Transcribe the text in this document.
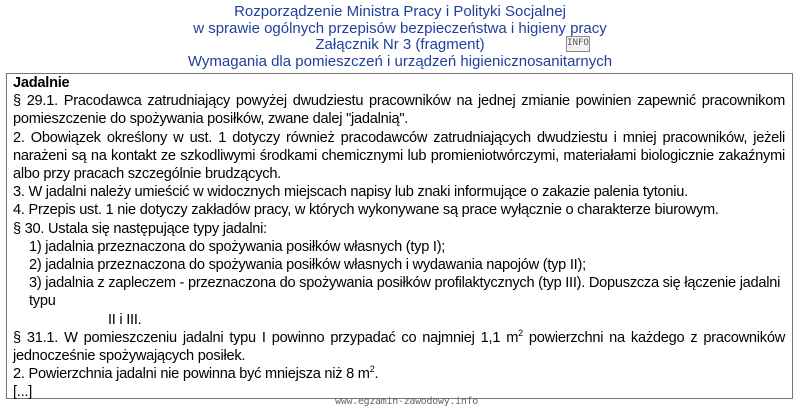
Rozporządzenie Ministra Pracy i Polityki Socjalnej
w sprawie ogólnych przepisów bezpieczeństwa i higieny pracy
Załącznik Nr 3 (fragment)
Wymagania dla pomieszczeń i urządzeń higienicznosanitarnych
INFO

Jadalnie

§ 29.1. Pracodawca zatrudniający powyżej dwudziestu pracowników na jednej zmianie powinien zapewnić pracownikom pomieszczenie do spożywania posiłków, zwane dalej "jadalnią".

2. Obowiązek określony w ust. 1 dotyczy również pracodawców zatrudniających dwudziestu i mniej pracowników, jeżeli narażeni są na kontakt ze szkodliwymi środkami chemicznymi lub promieniotwórczymi, materiałami biologicznie zakaźnymi albo przy pracach szczególnie brudzących.

3. W jadalni należy umieścić w widocznych miejscach napisy lub znaki informujące o zakazie palenia tytoniu.

4. Przepis ust. 1 nie dotyczy zakładów pracy, w których wykonywane są prace wyłącznie o charakterze biurowym.

§ 30. Ustala się następujące typy jadalni:

1) jadalnia przeznaczona do spożywania posiłków własnych (typ I);

2) jadalnia przeznaczona do spożywania posiłków własnych i wydawania napojów (typ II);

3) jadalnia z zapleczem - przeznaczona do spożywania posiłków profilaktycznych (typ III). Dopuszcza się łączenie jadalni typu

II i III.

§ 31.1. W pomieszczeniu jadalni typu I powinno przypadać co najmniej 1,1 $m^2$ powierzchni na każdego z pracowników jednocześnie spożywających posiłek.

2. Powierzchnia jadalni nie powinna być mniejsza niż 8 $m^2$.

[...]

www.egzamin-zawodowy.info
